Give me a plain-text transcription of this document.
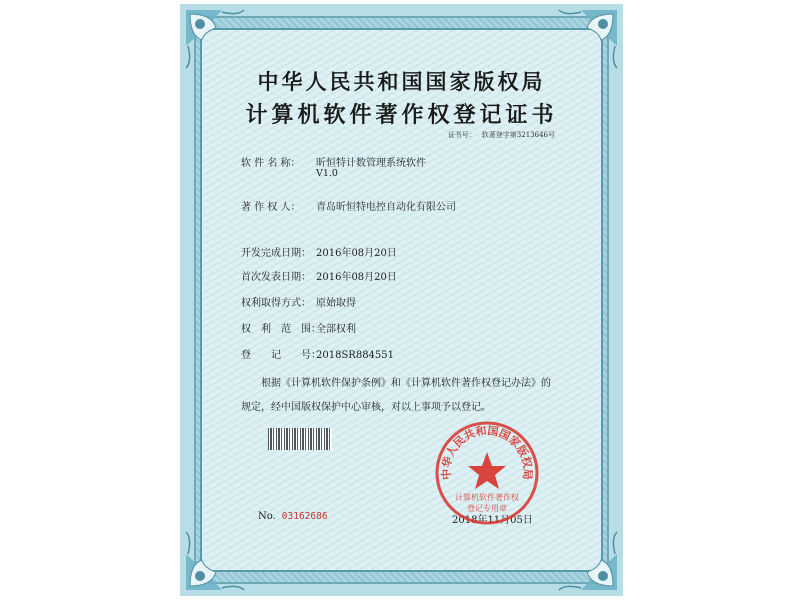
中华人民共和国国家版权局
计算机软件著作权登记证书
证书号： 软著登字第3213646号
软 件 名 称： 昕恒特计数管理系统软件
V1.0
著 作 权 人： 青岛昕恒特电控自动化有限公司
开发完成日期： 2016年08月20日
首次发表日期： 2016年08月20日
权利取得方式： 原始取得
权　利　范　围：全部权利
登　　记　　号：2018SR884551
根据《计算机软件保护条例》和《计算机软件著作权登记办法》的
规定，经中国版权保护中心审核，对以上事项予以登记。
No. 03162686	2018年11月05日
中华人民共和国国家版权局
计算机软件著作权
登记专用章
